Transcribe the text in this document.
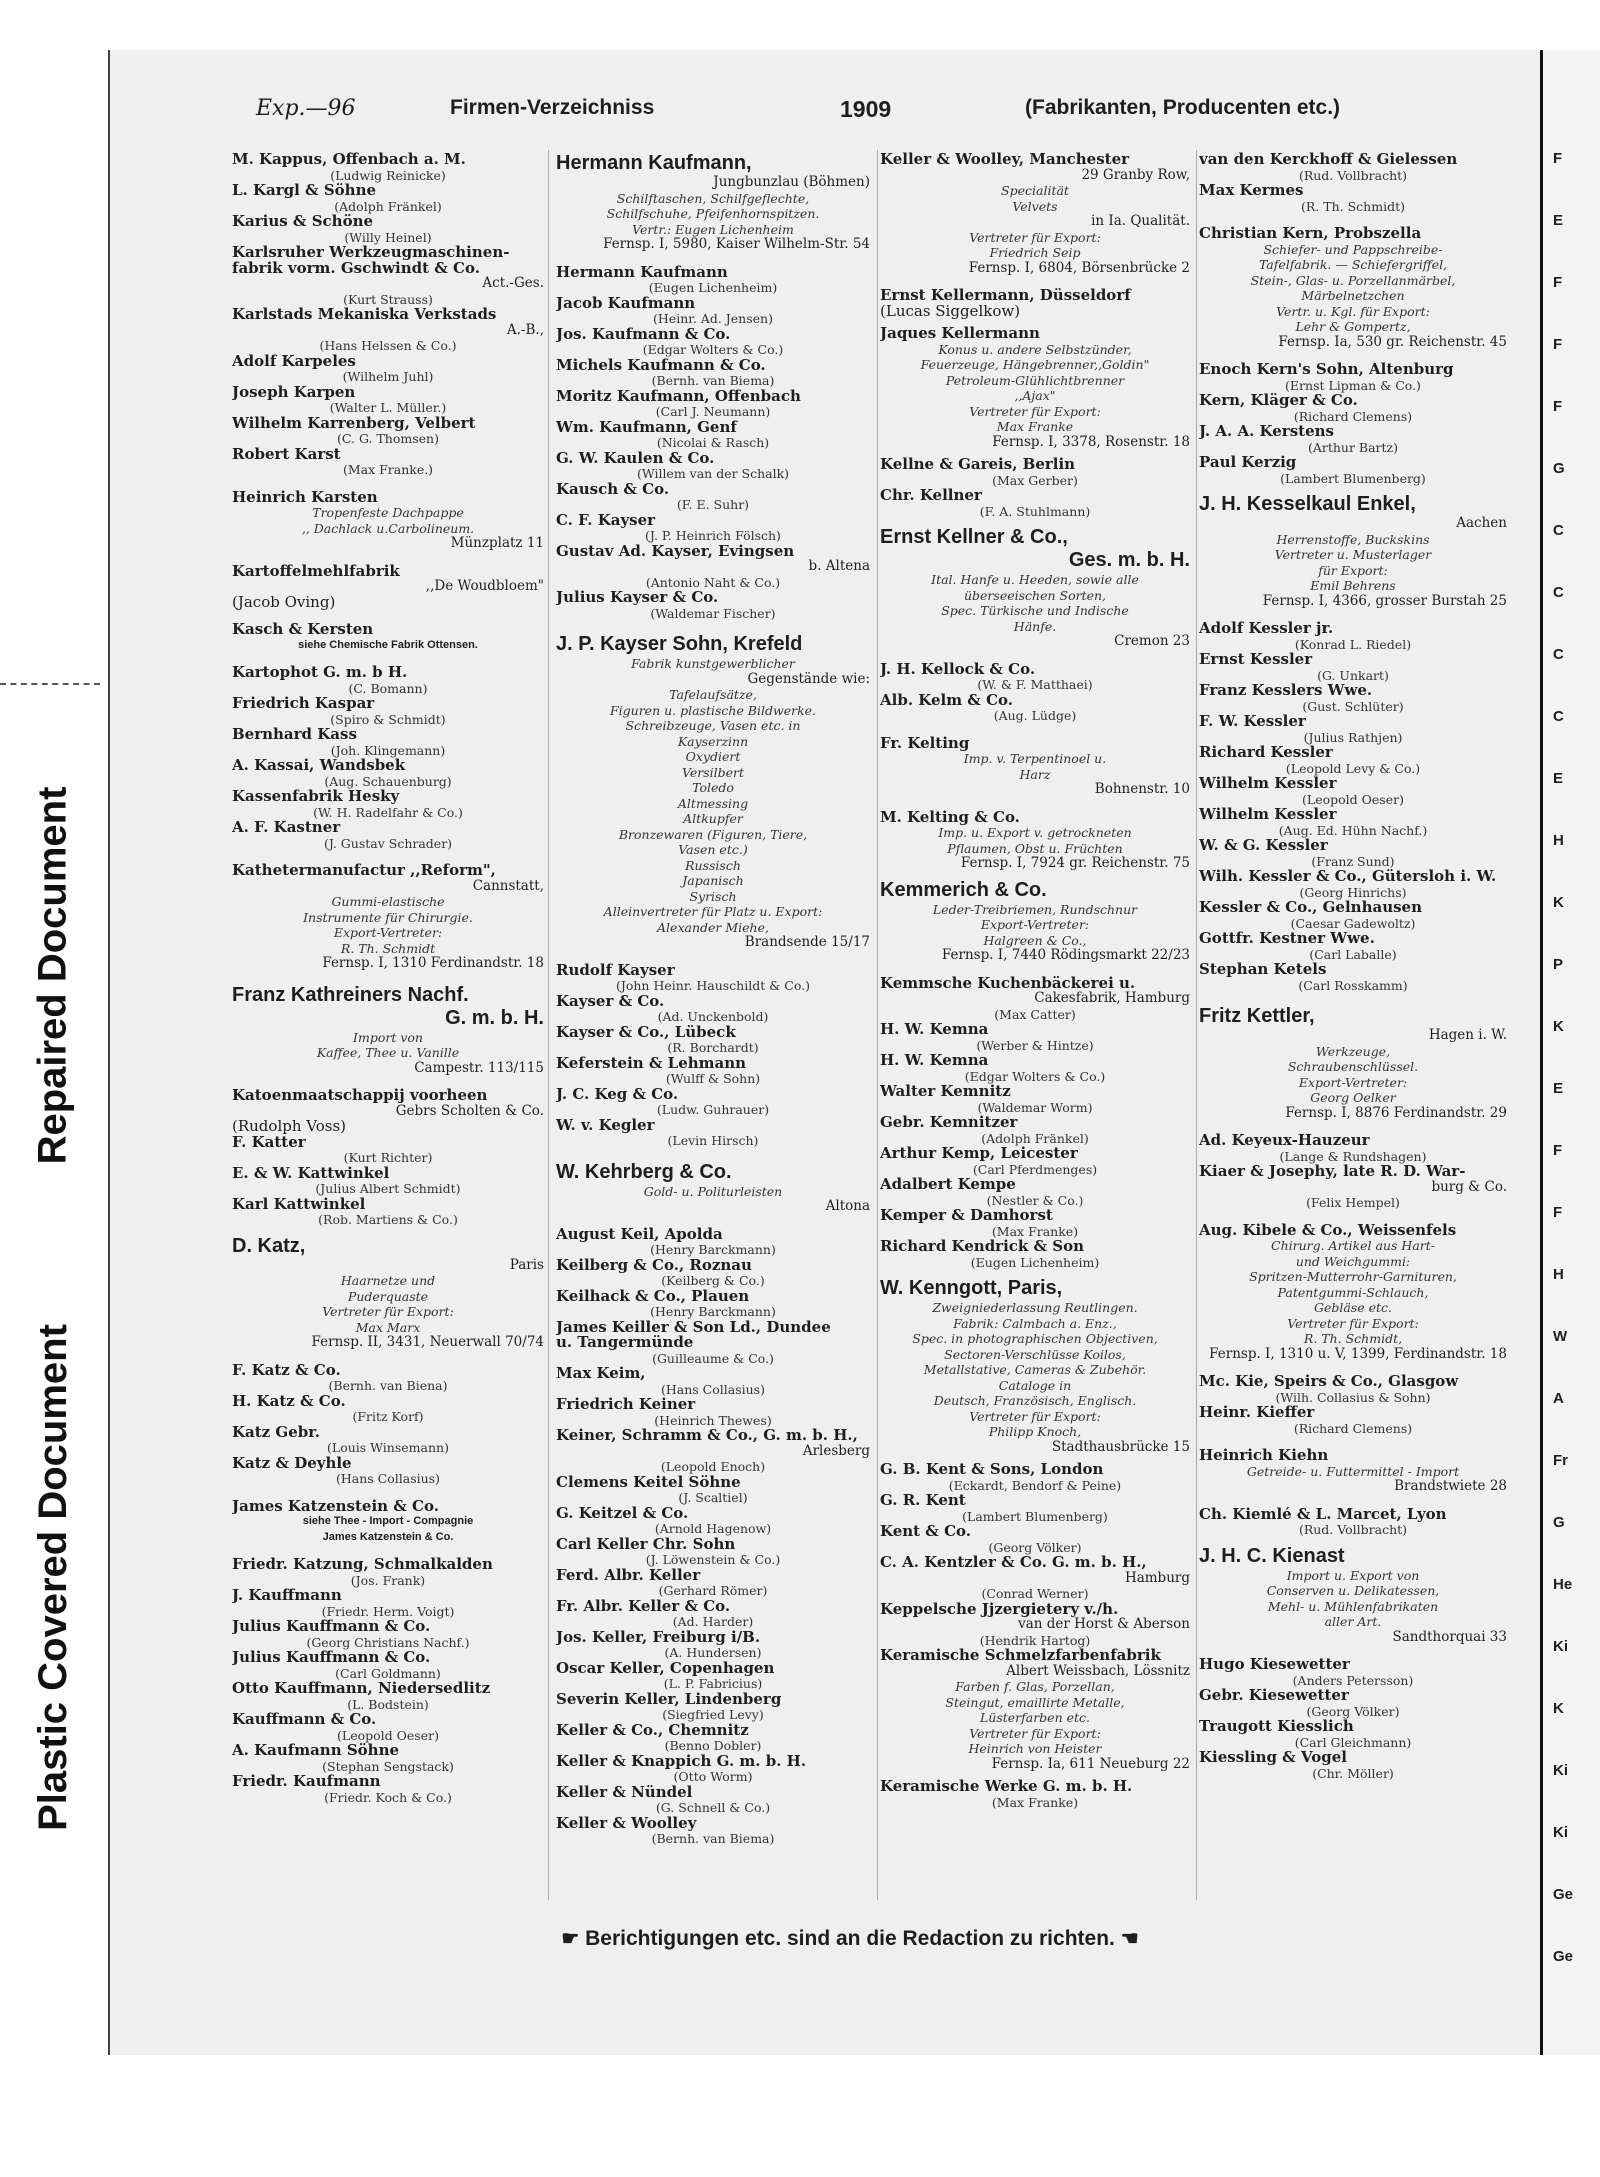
Repaired Document
Plastic Covered Document
F
E
F
F
F
G
C
C
C
C
E
H
K
P
K
E
F
F
H
W
A
Fr
G
He
Ki
K
Ki
Ki
Ge
Ge
Exp.—96	Firmen-Verzeichniss	1909	(Fabrikanten, Producenten etc.)
M. Kappus, Offenbach a. M.
(Ludwig Reinicke)
L. Kargl & Söhne
(Adolph Fränkel)
Karius & Schöne
(Willy Heinel)
Karlsruher Werkzeugmaschinen-
fabrik vorm. Gschwindt & Co.
Act.-Ges.
(Kurt Strauss)
Karlstads Mekaniska Verkstads
A.-B.,
(Hans Helssen & Co.)
Adolf Karpeles
(Wilhelm Juhl)
Joseph Karpen
(Walter L. Müller.)
Wilhelm Karrenberg, Velbert
(C. G. Thomsen)
Robert Karst
(Max Franke.)
Heinrich Karsten
Tropenfeste Dachpappe
,, Dachlack u.Carbolineum.
Münzplatz 11
Kartoffelmehlfabrik
,,De Woudbloem"
(Jacob Oving)
Kasch & Kersten
siehe Chemische Fabrik Ottensen.
Kartophot G. m. b H.
(C. Bomann)
Friedrich Kaspar
(Spiro & Schmidt)
Bernhard Kass
(Joh. Klingemann)
A. Kassai, Wandsbek
(Aug. Schauenburg)
Kassenfabrik Hesky
(W. H. Radelfahr & Co.)
A. F. Kastner
(J. Gustav Schrader)
Kathetermanufactur ,,Reform",
Cannstatt,
Gummi-elastische
Instrumente für Chirurgie.
Export-Vertreter:
R. Th. Schmidt
Fernsp. I, 1310 Ferdinandstr. 18
Franz Kathreiners Nachf.
G. m. b. H.
Import von
Kaffee, Thee u. Vanille
Campestr. 113/115
Katoenmaatschappij voorheen
Gebrs Scholten & Co.
(Rudolph Voss)
F. Katter
(Kurt Richter)
E. & W. Kattwinkel
(Julius Albert Schmidt)
Karl Kattwinkel
(Rob. Martiens & Co.)
D. Katz,
Paris
Haarnetze und
Puderquaste
Vertreter für Export:
Max Marx
Fernsp. II, 3431, Neuerwall 70/74
F. Katz & Co.
(Bernh. van Biena)
H. Katz & Co.
(Fritz Korf)
Katz Gebr.
(Louis Winsemann)
Katz & Deyhle
(Hans Collasius)
James Katzenstein & Co.
siehe Thee - Import - Compagnie
James Katzenstein & Co.
Friedr. Katzung, Schmalkalden
(Jos. Frank)
J. Kauffmann
(Friedr. Herm. Voigt)
Julius Kauffmann & Co.
(Georg Christians Nachf.)
Julius Kauffmann & Co.
(Carl Goldmann)
Otto Kauffmann, Niedersedlitz
(L. Bodstein)
Kauffmann & Co.
(Leopold Oeser)
A. Kaufmann Söhne
(Stephan Sengstack)
Friedr. Kaufmann
(Friedr. Koch & Co.)
Hermann Kaufmann,
Jungbunzlau (Böhmen)
Schilftaschen, Schilfgeflechte,
Schilfschuhe, Pfeifenhornspitzen.
Vertr.: Eugen Lichenheim
Fernsp. I, 5980, Kaiser Wilhelm-Str. 54
Hermann Kaufmann
(Eugen Lichenheim)
Jacob Kaufmann
(Heinr. Ad. Jensen)
Jos. Kaufmann & Co.
(Edgar Wolters & Co.)
Michels Kaufmann & Co.
(Bernh. van Biema)
Moritz Kaufmann, Offenbach
(Carl J. Neumann)
Wm. Kaufmann, Genf
(Nicolai & Rasch)
G. W. Kaulen & Co.
(Willem van der Schalk)
Kausch & Co.
(F. E. Suhr)
C. F. Kayser
(J. P. Heinrich Fölsch)
Gustav Ad. Kayser, Evingsen
b. Altena
(Antonio Naht & Co.)
Julius Kayser & Co.
(Waldemar Fischer)
J. P. Kayser Sohn, Krefeld
Fabrik kunstgewerblicher
Gegenstände wie:
Tafelaufsätze,
Figuren u. plastische Bildwerke.
Schreibzeuge, Vasen etc. in
Kayserzinn
Oxydiert
Versilbert
Toledo
Altmessing
Altkupfer
Bronzewaren (Figuren, Tiere,
Vasen etc.)
Russisch
Japanisch
Syrisch
Alleinvertreter für Platz u. Export:
Alexander Miehe,
Brandsende 15/17
Rudolf Kayser
(John Heinr. Hauschildt & Co.)
Kayser & Co.
(Ad. Unckenbold)
Kayser & Co., Lübeck
(R. Borchardt)
Keferstein & Lehmann
(Wulff & Sohn)
J. C. Keg & Co.
(Ludw. Guhrauer)
W. v. Kegler
(Levin Hirsch)
W. Kehrberg & Co.
Gold- u. Politurleisten
Altona
August Keil, Apolda
(Henry Barckmann)
Keilberg & Co., Roznau
(Keilberg & Co.)
Keilhack & Co., Plauen
(Henry Barckmann)
James Keiller & Son Ld., Dundee
u. Tangermünde
(Guilleaume & Co.)
Max Keim,
(Hans Collasius)
Friedrich Keiner
(Heinrich Thewes)
Keiner, Schramm & Co., G. m. b. H.,
Arlesberg
(Leopold Enoch)
Clemens Keitel Söhne
(J. Scaltiel)
G. Keitzel & Co.
(Arnold Hagenow)
Carl Keller Chr. Sohn
(J. Löwenstein & Co.)
Ferd. Albr. Keller
(Gerhard Römer)
Fr. Albr. Keller & Co.
(Ad. Harder)
Jos. Keller, Freiburg i/B.
(A. Hundersen)
Oscar Keller, Copenhagen
(L. P. Fabricius)
Severin Keller, Lindenberg
(Siegfried Levy)
Keller & Co., Chemnitz
(Benno Dobler)
Keller & Knappich G. m. b. H.
(Otto Worm)
Keller & Nündel
(G. Schnell & Co.)
Keller & Woolley
(Bernh. van Biema)
Keller & Woolley, Manchester
29 Granby Row,
Specialität
Velvets
in Ia. Qualität.
Vertreter für Export:
Friedrich Seip
Fernsp. I, 6804, Börsenbrücke 2
Ernst Kellermann, Düsseldorf
(Lucas Siggelkow)
Jaques Kellermann
Konus u. andere Selbstzünder,
Feuerzeuge, Hängebrenner,,Goldin"
Petroleum-Glühlichtbrenner
,,Ajax"
Vertreter für Export:
Max Franke
Fernsp. I, 3378, Rosenstr. 18
Kellne & Gareis, Berlin
(Max Gerber)
Chr. Kellner
(F. A. Stuhlmann)
Ernst Kellner & Co.,
Ges. m. b. H.
Ital. Hanfe u. Heeden, sowie alle
überseeischen Sorten,
Spec. Türkische und Indische
Hänfe.
Cremon 23
J. H. Kellock & Co.
(W. & F. Matthaei)
Alb. Kelm & Co.
(Aug. Lüdge)
Fr. Kelting
Imp. v. Terpentinoel u.
Harz
Bohnenstr. 10
M. Kelting & Co.
Imp. u. Export v. getrockneten
Pflaumen, Obst u. Früchten
Fernsp. I, 7924 gr. Reichenstr. 75
Kemmerich & Co.
Leder-Treibriemen, Rundschnur
Export-Vertreter:
Halgreen & Co.,
Fernsp. I, 7440 Rödingsmarkt 22/23
Kemmsche Kuchenbäckerei u.
Cakesfabrik, Hamburg
(Max Catter)
H. W. Kemna
(Werber & Hintze)
H. W. Kemna
(Edgar Wolters & Co.)
Walter Kemnitz
(Waldemar Worm)
Gebr. Kemnitzer
(Adolph Fränkel)
Arthur Kemp, Leicester
(Carl Pferdmenges)
Adalbert Kempe
(Nestler & Co.)
Kemper & Damhorst
(Max Franke)
Richard Kendrick & Son
(Eugen Lichenheim)
W. Kenngott, Paris,
Zweigniederlassung Reutlingen.
Fabrik: Calmbach a. Enz.,
Spec. in photographischen Objectiven,
Sectoren-Verschlüsse Koilos,
Metallstative, Cameras & Zubehör.
Cataloge in
Deutsch, Französisch, Englisch.
Vertreter für Export:
Philipp Knoch,
Stadthausbrücke 15
G. B. Kent & Sons, London
(Eckardt, Bendorf & Peine)
G. R. Kent
(Lambert Blumenberg)
Kent & Co.
(Georg Völker)
C. A. Kentzler & Co. G. m. b. H.,
Hamburg
(Conrad Werner)
Keppelsche Jjzergietery v./h.
van der Horst & Aberson
(Hendrik Hartog)
Keramische Schmelzfarbenfabrik
Albert Weissbach, Lössnitz
Farben f. Glas, Porzellan,
Steingut, emaillirte Metalle,
Lüsterfarben etc.
Vertreter für Export:
Heinrich von Heister
Fernsp. Ia, 611 Neueburg 22
Keramische Werke G. m. b. H.
(Max Franke)
van den Kerckhoff & Gielessen
(Rud. Vollbracht)
Max Kermes
(R. Th. Schmidt)
Christian Kern, Probszella
Schiefer- und Pappschreibe-
Tafelfabrik. — Schiefergriffel,
Stein-, Glas- u. Porzellanmärbel,
Märbelnetzchen
Vertr. u. Kgl. für Export:
Lehr & Gompertz,
Fernsp. Ia, 530 gr. Reichenstr. 45
Enoch Kern's Sohn, Altenburg
(Ernst Lipman & Co.)
Kern, Kläger & Co.
(Richard Clemens)
J. A. A. Kerstens
(Arthur Bartz)
Paul Kerzig
(Lambert Blumenberg)
J. H. Kesselkaul Enkel,
Aachen
Herrenstoffe, Buckskins
Vertreter u. Musterlager
für Export:
Emil Behrens
Fernsp. I, 4366, grosser Burstah 25
Adolf Kessler jr.
(Konrad L. Riedel)
Ernst Kessler
(G. Unkart)
Franz Kesslers Wwe.
(Gust. Schlüter)
F. W. Kessler
(Julius Rathjen)
Richard Kessler
(Leopold Levy & Co.)
Wilhelm Kessler
(Leopold Oeser)
Wilhelm Kessler
(Aug. Ed. Hühn Nachf.)
W. & G. Kessler
(Franz Sund)
Wilh. Kessler & Co., Gütersloh i. W.
(Georg Hinrichs)
Kessler & Co., Gelnhausen
(Caesar Gadewoltz)
Gottfr. Kestner Wwe.
(Carl Laballe)
Stephan Ketels
(Carl Rosskamm)
Fritz Kettler,
Hagen i. W.
Werkzeuge,
Schraubenschlüssel.
Export-Vertreter:
Georg Oelker
Fernsp. I, 8876 Ferdinandstr. 29
Ad. Keyeux-Hauzeur
(Lange & Rundshagen)
Kiaer & Josephy, late R. D. War-
burg & Co.
(Felix Hempel)
Aug. Kibele & Co., Weissenfels
Chirurg. Artikel aus Hart-
und Weichgummi:
Spritzen-Mutterrohr-Garnituren,
Patentgummi-Schlauch,
Gebläse etc.
Vertreter für Export:
R. Th. Schmidt,
Fernsp. I, 1310 u. V, 1399, Ferdinandstr. 18
Mc. Kie, Speirs & Co., Glasgow
(Wilh. Collasius & Sohn)
Heinr. Kieffer
(Richard Clemens)
Heinrich Kiehn
Getreide- u. Futtermittel - Import
Brandstwiete 28
Ch. Kiemlé & L. Marcet, Lyon
(Rud. Vollbracht)
J. H. C. Kienast
Import u. Export von
Conserven u. Delikatessen,
Mehl- u. Mühlenfabrikaten
aller Art.
Sandthorquai 33
Hugo Kiesewetter
(Anders Petersson)
Gebr. Kiesewetter
(Georg Völker)
Traugott Kiesslich
(Carl Gleichmann)
Kiessling & Vogel
(Chr. Möller)
☛ Berichtigungen etc. sind an die Redaction zu richten. ☚
